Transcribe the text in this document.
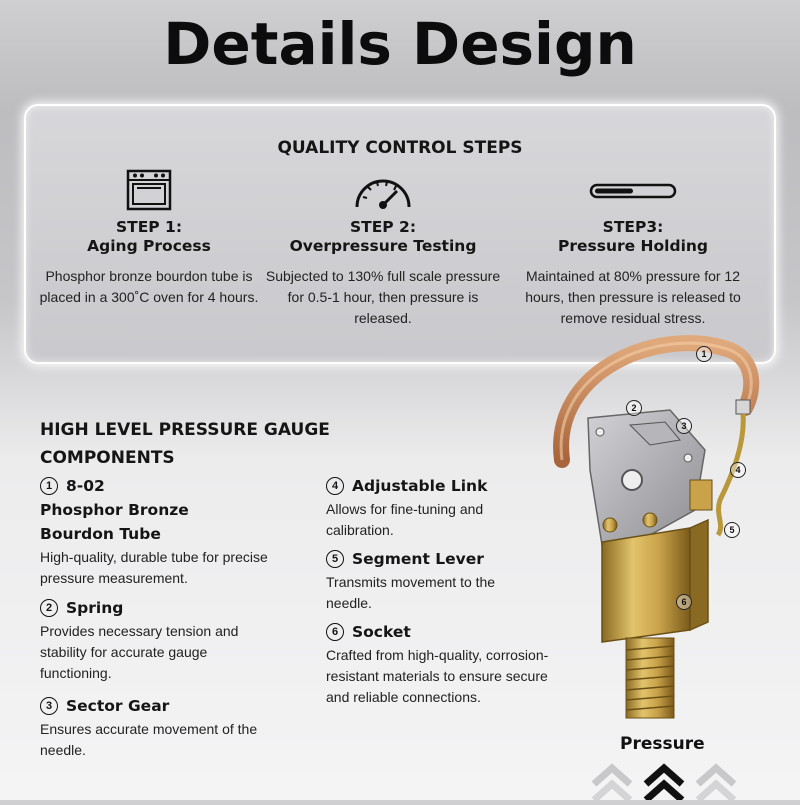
Details Design
QUALITY CONTROL STEPS
STEP 1:
Aging Process
Phosphor bronze bourdon tube is placed in a 300˚C oven for 4 hours.
STEP 2:
Overpressure Testing
Subjected to 130% full scale pressure for 0.5-1 hour, then pressure is released.
STEP3:
Pressure Holding
Maintained at 80% pressure for 12 hours, then pressure is released to remove residual stress.
HIGH LEVEL PRESSURE GAUGE COMPONENTS
1 8-02
Phosphor Bronze Bourdon Tube
High-quality, durable tube for precise pressure measurement.
2 Spring
Provides necessary tension and stability for accurate gauge functioning.
3 Sector Gear
Ensures accurate movement of the needle.
4 Adjustable Link
Allows for fine-tuning and calibration.
5 Segment Lever
Transmits movement to the needle.
6 Socket
Crafted from high-quality, corrosion-resistant materials to ensure secure and reliable connections.
1
2
3
4
5
6
Pressure
